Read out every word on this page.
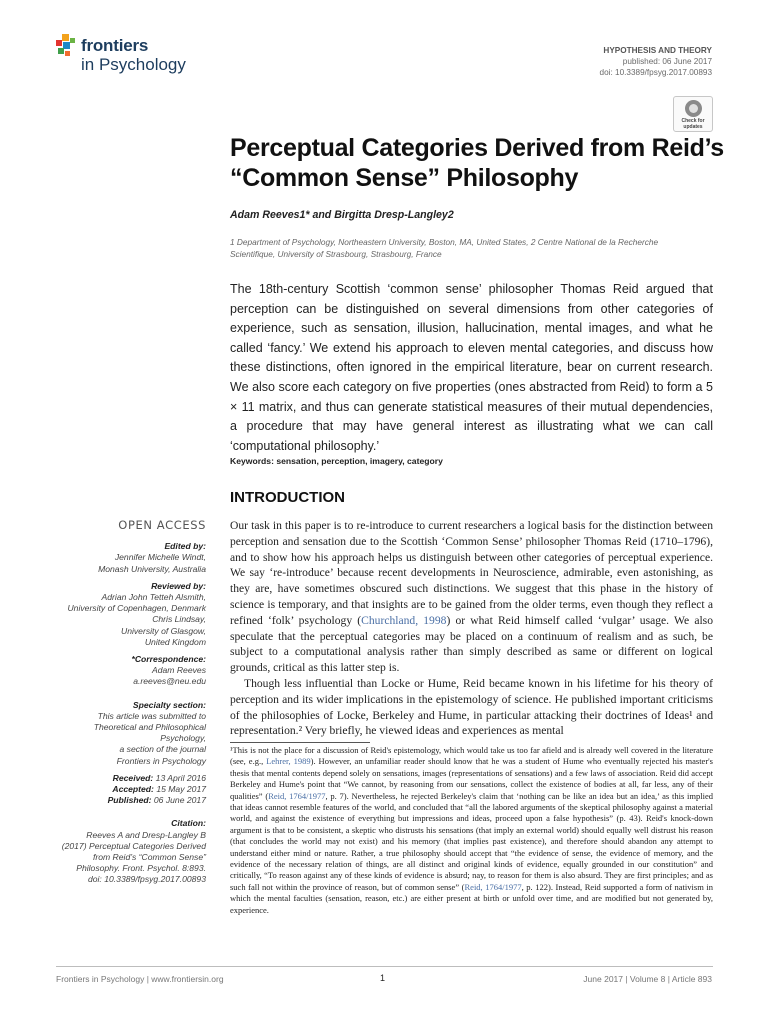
frontiers
in Psychology
HYPOTHESIS AND THEORY
published: 06 June 2017
doi: 10.3389/fpsyg.2017.00893
Check for updates
Perceptual Categories Derived from Reid’s “Common Sense” Philosophy
Adam Reeves1* and Birgitta Dresp-Langley2
1 Department of Psychology, Northeastern University, Boston, MA, United States, 2 Centre National de la Recherche Scientifique, University of Strasbourg, Strasbourg, France
The 18th-century Scottish ‘common sense’ philosopher Thomas Reid argued that perception can be distinguished on several dimensions from other categories of experience, such as sensation, illusion, hallucination, mental images, and what he called ‘fancy.’ We extend his approach to eleven mental categories, and discuss how these distinctions, often ignored in the empirical literature, bear on current research. We also score each category on five properties (ones abstracted from Reid) to form a 5 × 11 matrix, and thus can generate statistical measures of their mutual dependencies, a procedure that may have general interest as illustrating what we can call ‘computational philosophy.’
Keywords: sensation, perception, imagery, category
OPEN ACCESS
Edited by:
Jennifer Michelle Windt,
Monash University, Australia
Reviewed by:
Adrian John Tetteh Alsmith,
University of Copenhagen, Denmark
Chris Lindsay,
University of Glasgow,
United Kingdom
*Correspondence:
Adam Reeves
a.reeves@neu.edu
Specialty section:
This article was submitted to
Theoretical and Philosophical
Psychology,
a section of the journal
Frontiers in Psychology
Received: 13 April 2016
Accepted: 15 May 2017
Published: 06 June 2017
Citation:
Reeves A and Dresp-Langley B
(2017) Perceptual Categories Derived
from Reid’s “Common Sense”
Philosophy. Front. Psychol. 8:893.
doi: 10.3389/fpsyg.2017.00893
INTRODUCTION

Our task in this paper is to re-introduce to current researchers a logical basis for the distinction between perception and sensation due to the Scottish ‘Common Sense’ philosopher Thomas Reid (1710–1796), and to show how his approach helps us distinguish between other categories of perceptual experience. We say ‘re-introduce’ because recent developments in Neuroscience, admirable, even astonishing, as they are, have sometimes obscured such distinctions. We suggest that this phase in the history of science is temporary, and that insights are to be gained from the older terms, even though they reflect a refined ‘folk’ psychology (Churchland, 1998) or what Reid himself called ‘vulgar’ usage. We also speculate that the perceptual categories may be placed on a continuum of realism and as such, be subject to a computational analysis rather than simply described as same or different on logical grounds, critical as this latter step is.

Though less influential than Locke or Hume, Reid became known in his lifetime for his theory of perception and its wider implications in the epistemology of science. He published important criticisms of the philosophies of Locke, Berkeley and Hume, in particular attacking their doctrines of Ideas¹ and representation.² Very briefly, he viewed ideas and experiences as mental

¹This is not the place for a discussion of Reid's epistemology, which would take us too far afield and is already well covered in the literature (see, e.g., Lehrer, 1989). However, an unfamiliar reader should know that he was a student of Hume who eventually rejected his master's thesis that mental contents depend solely on sensations, images (representations of sensations) and a few laws of association. Reid did accept Berkeley and Hume's point that “We cannot, by reasoning from our sensations, collect the existence of bodies at all, far less, any of their qualities” (Reid, 1764/1977, p. 7). Nevertheless, he rejected Berkeley's claim that ‘nothing can be like an idea but an idea,’ as this implied that ideas cannot resemble features of the world, and concluded that “all the labored arguments of the skeptical philosophy against a material world, and against the existence of everything but impressions and ideas, proceed upon a false hypothesis” (p. 43). Reid's knock-down argument is that to be consistent, a skeptic who distrusts his sensations (that imply an external world) should equally well distrust his reason (that concludes the world may not exist) and his memory (that implies past existence), and therefore should abandon any attempt to understand either mind or nature. Rather, a true philosophy should accept that “the evidence of sense, the evidence of memory, and the evidence of the necessary relation of things, are all distinct and original kinds of evidence, equally grounded in our constitution” and critically, “To reason against any of these kinds of evidence is absurd; nay, to reason for them is also absurd. They are first principles; and as such fall not within the province of reason, but of common sense” (Reid, 1764/1977, p. 122). Instead, Reid supported a form of nativism in which the mental faculties (sensation, reason, etc.) are either present at birth or unfold over time, and are modified but not generated by, experience.
Frontiers in Psychology | www.frontiersin.org	1	June 2017 | Volume 8 | Article 893
